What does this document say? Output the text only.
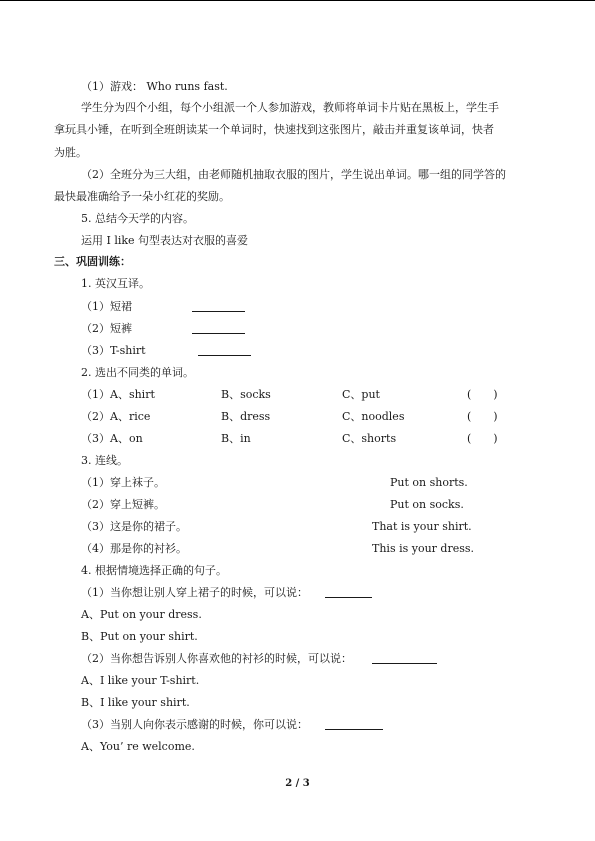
（1）游戏： Who runs fast.
学生分为四个小组，每个小组派一个人参加游戏，教师将单词卡片贴在黑板上，学生手
拿玩具小锤，在听到全班朗读某一个单词时，快速找到这张图片，敲击并重复该单词，快者
为胜。
（2）全班分为三大组，由老师随机抽取衣服的图片，学生说出单词。哪一组的同学答的
最快最准确给予一朵小红花的奖励。
5. 总结今天学的内容。
运用 I like 句型表达对衣服的喜爱
三、巩固训练：
1. 英汉互译。
（1）短裙
（2）短裤
（3）T-shirt
2. 选出不同类的单词。
（1）A、shirt	B、socks	C、put	(　　)
（2）A、rice	B、dress	C、noodles	(　　)
（3）A、on	B、in	C、shorts	(　　)
3. 连线。
（1）穿上袜子。	Put on shorts.
（2）穿上短裤。	Put on socks.
（3）这是你的裙子。	That is your shirt.
（4）那是你的衬衫。	This is your dress.
4. 根据情境选择正确的句子。
（1）当你想让别人穿上裙子的时候，可以说：
A、Put on your dress.
B、Put on your shirt.
（2）当你想告诉别人你喜欢他的衬衫的时候，可以说：
A、I like your T-shirt.
B、I like your shirt.
（3）当别人向你表示感谢的时候，你可以说：
A、You’ re welcome.
2 / 3
